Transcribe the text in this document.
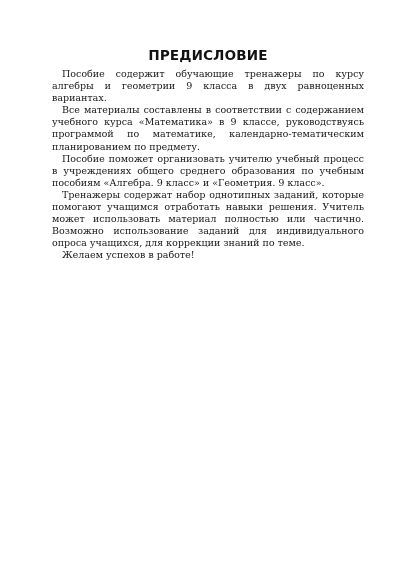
ПРЕДИСЛОВИЕ

Пособие содержит обучающие тренажеры по курсу алгебры и геометрии 9 класса в двух равноценных вариантах.

Все материалы составлены в соответствии с содержанием учебного курса «Математика» в 9 классе, руководствуясь программой по математике, календарно-тематическим планированием по предмету.

Пособие поможет организовать учителю учебный процесс в учреждениях общего среднего образования по учебным пособиям «Алгебра. 9 класс» и «Геометрия. 9 класс».

Тренажеры содержат набор однотипных заданий, которые помогают учащимся отработать навыки решения. Учитель может использовать материал полностью или частично. Возможно использование заданий для индивидуального опроса учащихся, для коррекции знаний по теме.

Желаем успехов в работе!
